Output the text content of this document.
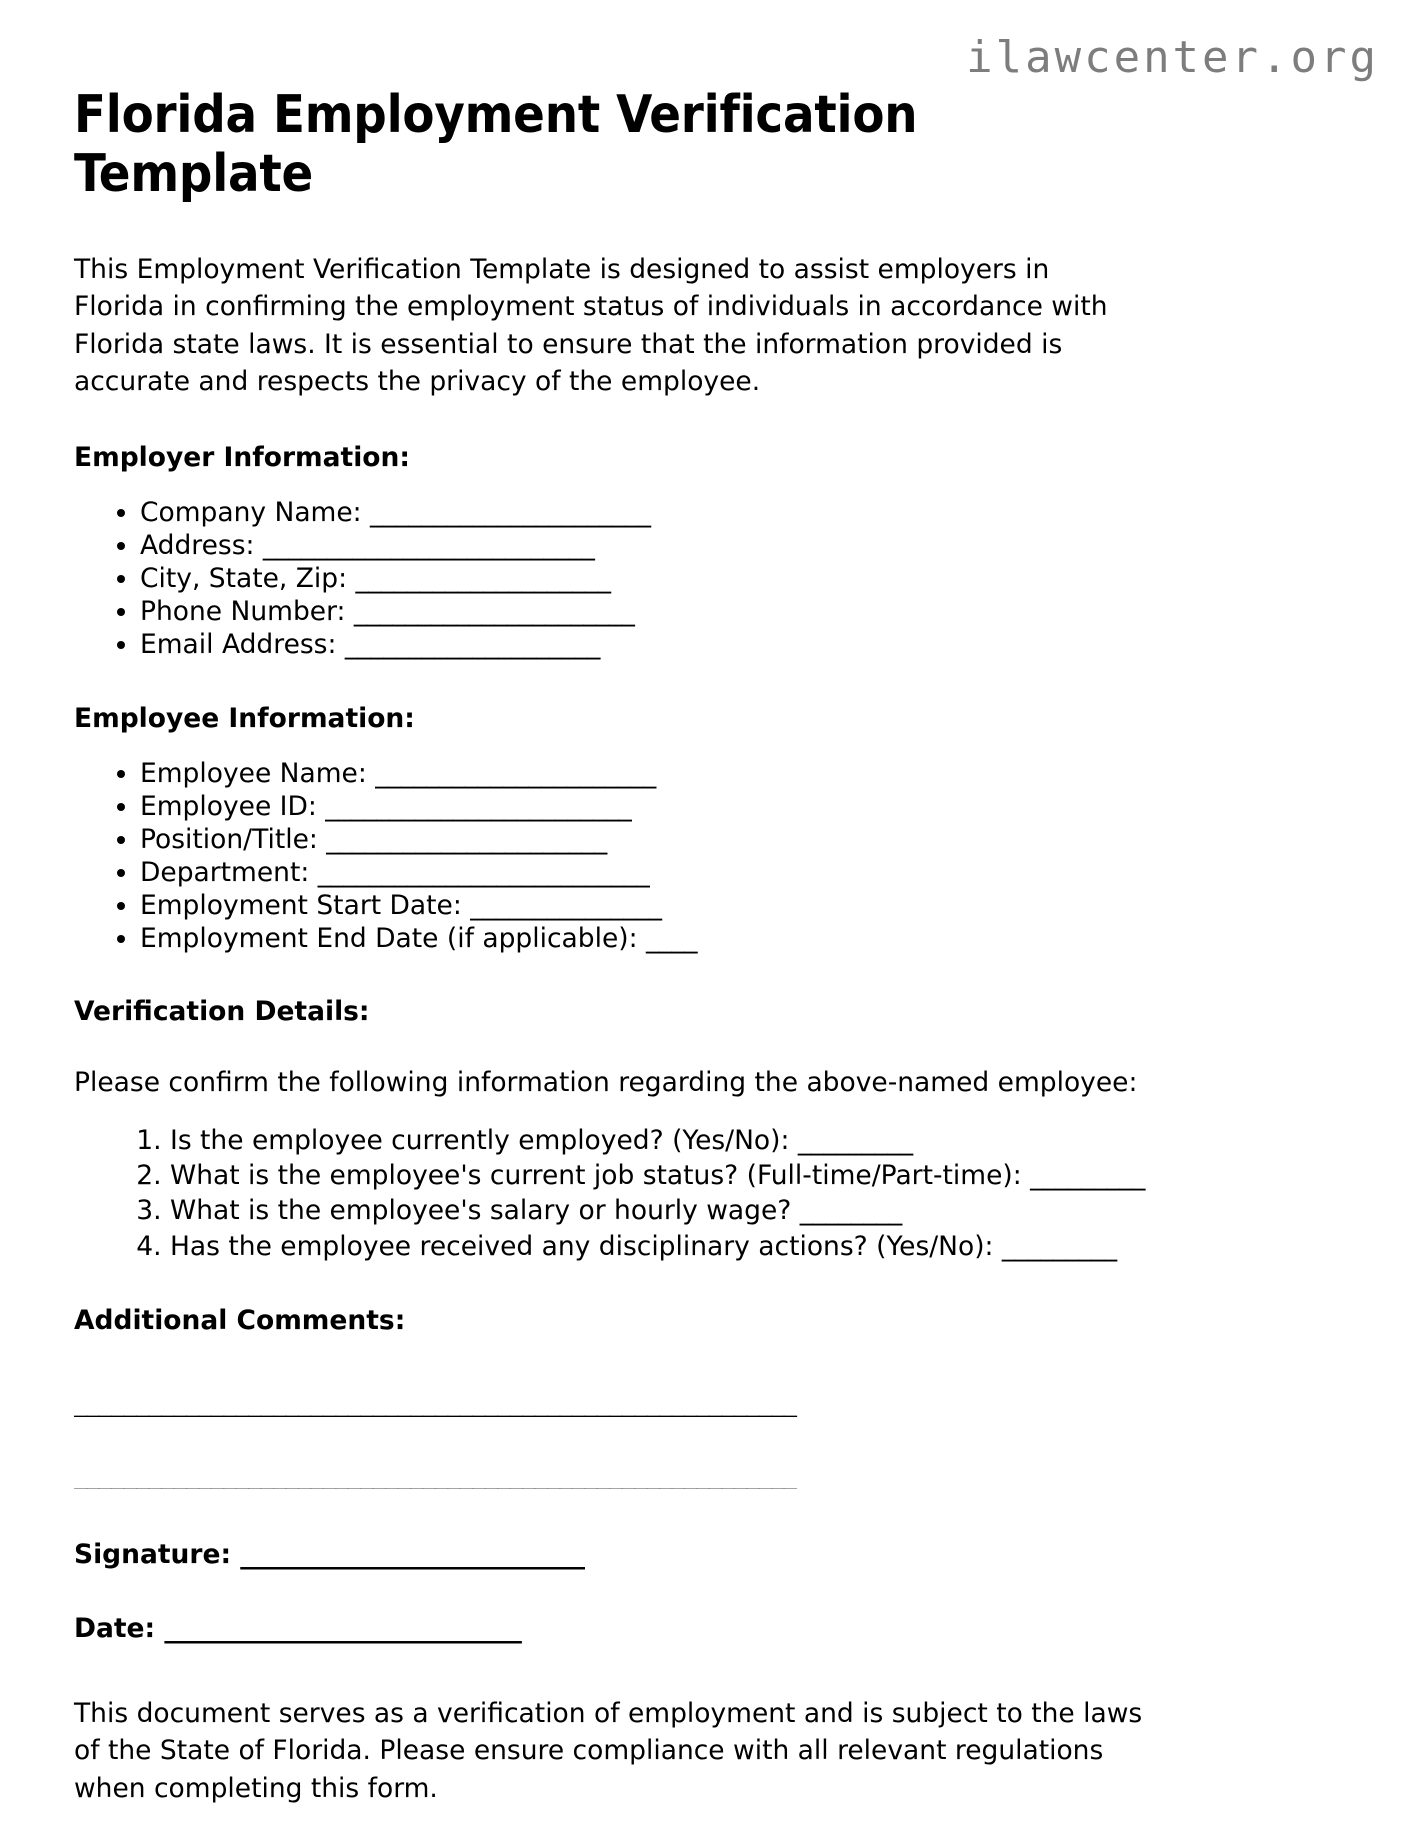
ilawcenter.org
Florida Employment Verification Template

This Employment Verification Template is designed to assist employers in Florida in confirming the employment status of individuals in accordance with Florida state laws. It is essential to ensure that the information provided is accurate and respects the privacy of the employee.

Employer Information:
• Company Name: ______________________
• Address: __________________________
• City, State, Zip: ____________________
• Phone Number: ______________________
• Email Address: ____________________
Employee Information:
• Employee Name: ______________________
• Employee ID: ________________________
• Position/Title: ______________________
• Department: __________________________
• Employment Start Date: _______________
• Employment End Date (if applicable): ____
Verification Details:

Please confirm the following information regarding the above-named employee:

1. Is the employee currently employed? (Yes/No): _________
2. What is the employee's current job status? (Full-time/Part-time): _________
3. What is the employee's salary or hourly wage? ________
4. Has the employee received any disciplinary actions? (Yes/No): _________
Additional Comments:
__________________________________________________________
__________________________________________________________
Signature: ___________________________
Date: ____________________________

This document serves as a verification of employment and is subject to the laws of the State of Florida. Please ensure compliance with all relevant regulations when completing this form.
